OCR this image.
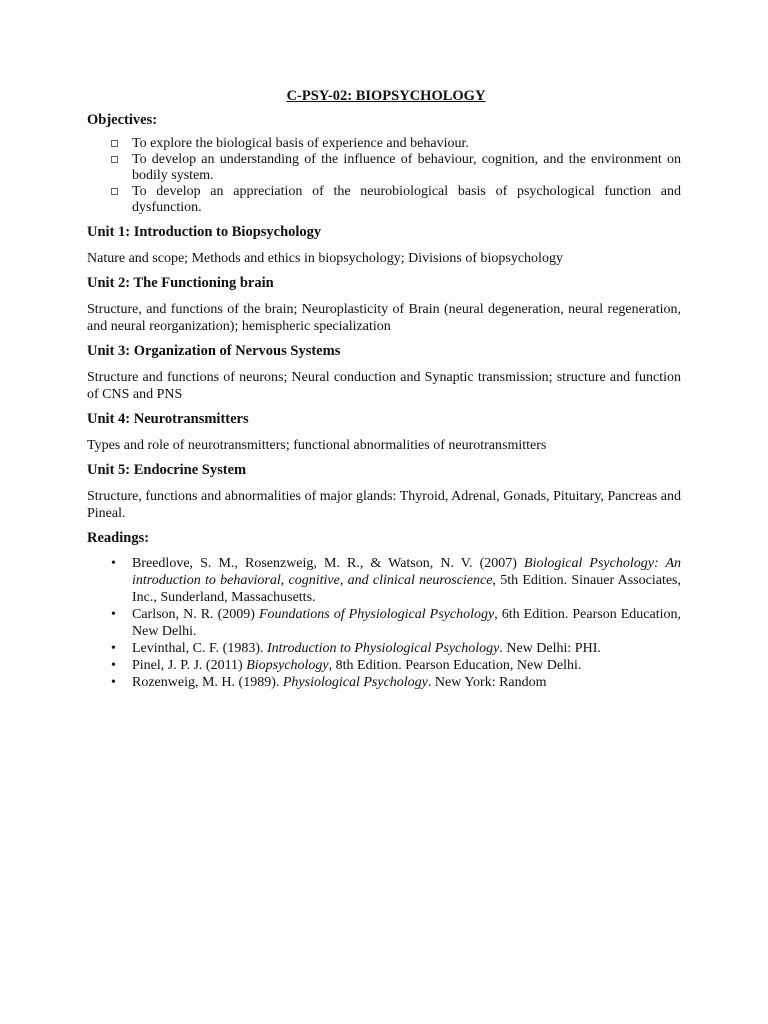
C-PSY-02: BIOPSYCHOLOGY
Objectives:
To explore the biological basis of experience and behaviour.
To develop an understanding of the influence of behaviour, cognition, and the environment on bodily system.
To develop an appreciation of the neurobiological basis of psychological function and dysfunction.
Unit 1: Introduction to Biopsychology

Nature and scope; Methods and ethics in biopsychology; Divisions of biopsychology

Unit 2: The Functioning brain

Structure, and functions of the brain; Neuroplasticity of Brain (neural degeneration, neural regeneration, and neural reorganization); hemispheric specialization

Unit 3: Organization of Nervous Systems

Structure and functions of neurons; Neural conduction and Synaptic transmission; structure and function of CNS and PNS

Unit 4: Neurotransmitters

Types and role of neurotransmitters; functional abnormalities of neurotransmitters

Unit 5: Endocrine System

Structure, functions and abnormalities of major glands: Thyroid, Adrenal, Gonads, Pituitary, Pancreas and Pineal.

Readings:
• Breedlove, S. M., Rosenzweig, M. R., & Watson, N. V. (2007) Biological Psychology: An introduction to behavioral, cognitive, and clinical neuroscience, 5th Edition. Sinauer Associates, Inc., Sunderland, Massachusetts.
• Carlson, N. R. (2009) Foundations of Physiological Psychology, 6th Edition. Pearson Education, New Delhi.
• Levinthal, C. F. (1983). Introduction to Physiological Psychology. New Delhi: PHI.
• Pinel, J. P. J. (2011) Biopsychology, 8th Edition. Pearson Education, New Delhi.
• Rozenweig, M. H. (1989). Physiological Psychology. New York: Random
